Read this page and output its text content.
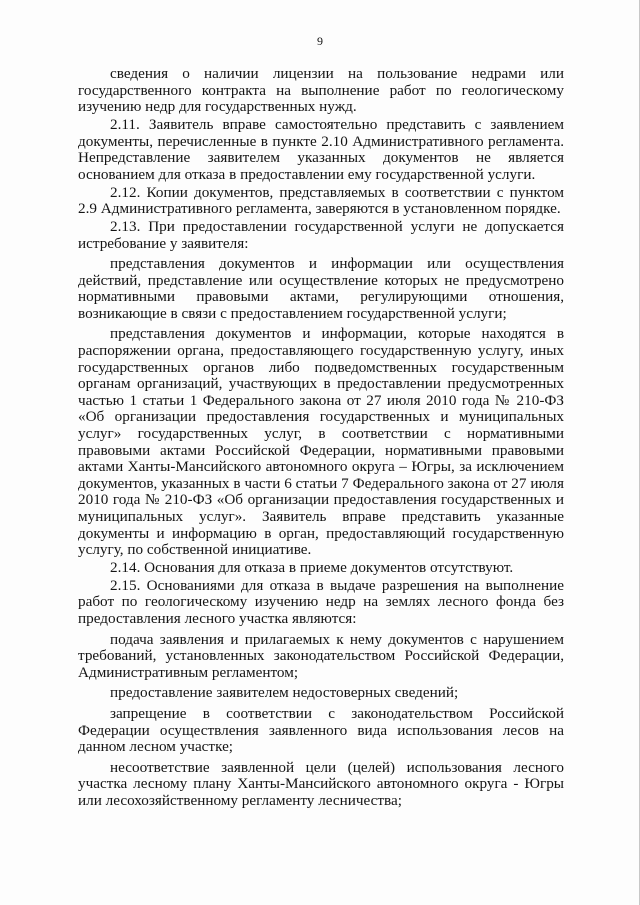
9

сведения о наличии лицензии на пользование недрами или государственного контракта на выполнение работ по геологическому изучению недр для государственных нужд.

2.11. Заявитель вправе самостоятельно представить с заявлением документы, перечисленные в пункте 2.10 Административного регламента. Непредставление заявителем указанных документов не является основанием для отказа в предоставлении ему государственной услуги.

2.12. Копии документов, представляемых в соответствии с пунктом 2.9 Административного регламента, заверяются в установленном порядке.

2.13. При предоставлении государственной услуги не допускается истребование у заявителя:

представления документов и информации или осуществления действий, представление или осуществление которых не предусмотрено нормативными правовыми актами, регулирующими отношения, возникающие в связи с предоставлением государственной услуги;

представления документов и информации, которые находятся в распоряжении органа, предоставляющего государственную услугу, иных государственных органов либо подведомственных государственным органам организаций, участвующих в предоставлении предусмотренных частью 1 статьи 1 Федерального закона от 27 июля 2010 года № 210-ФЗ «Об организации предоставления государственных и муниципальных услуг» государственных услуг, в соответствии с нормативными правовыми актами Российской Федерации, нормативными правовыми актами Ханты-Мансийского автономного округа – Югры, за исключением документов, указанных в части 6 статьи 7 Федерального закона от 27 июля 2010 года № 210-ФЗ «Об организации предоставления государственных и муниципальных услуг». Заявитель вправе представить указанные документы и информацию в орган, предоставляющий государственную услугу, по собственной инициативе.

2.14. Основания для отказа в приеме документов отсутствуют.

2.15. Основаниями для отказа в выдаче разрешения на выполнение работ по геологическому изучению недр на землях лесного фонда без предоставления лесного участка являются:

подача заявления и прилагаемых к нему документов с нарушением требований, установленных законодательством Российской Федерации, Административным регламентом;

предоставление заявителем недостоверных сведений;

запрещение в соответствии с законодательством Российской Федерации осуществления заявленного вида использования лесов на данном лесном участке;

несоответствие заявленной цели (целей) использования лесного участка лесному плану Ханты-Мансийского автономного округа - Югры или лесохозяйственному регламенту лесничества;
